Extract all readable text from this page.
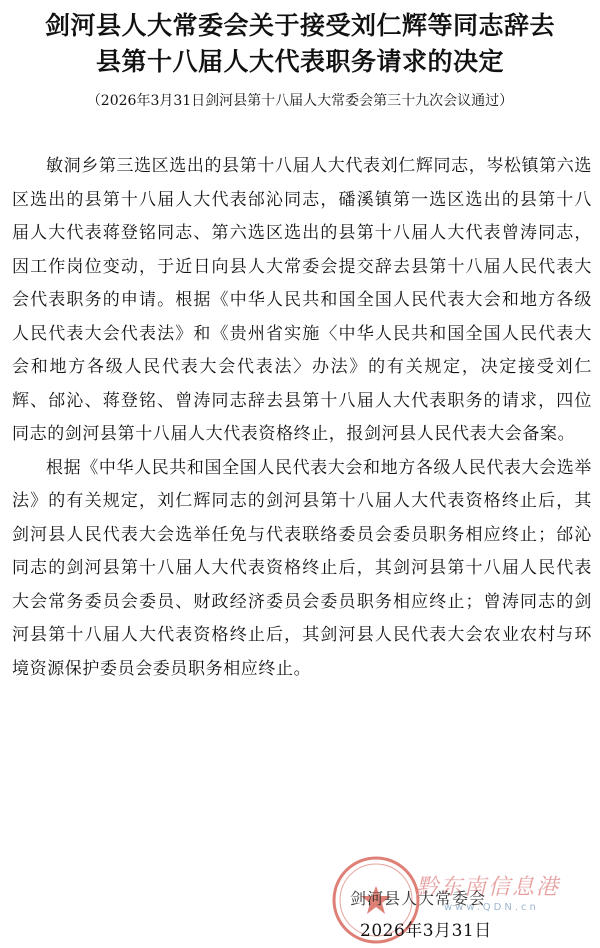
剑河县人大常委会关于接受刘仁辉等同志辞去
县第十八届人大代表职务请求的决定
（2026年3月31日剑河县第十八届人大常委会第三十九次会议通过）

敏洞乡第三选区选出的县第十八届人大代表刘仁辉同志，岑松镇第六选区选出的县第十八届人大代表邰沁同志，磻溪镇第一选区选出的县第十八届人大代表蒋登铭同志、第六选区选出的县第十八届人大代表曾涛同志，因工作岗位变动，于近日向县人大常委会提交辞去县第十八届人民代表大会代表职务的申请。根据《中华人民共和国全国人民代表大会和地方各级人民代表大会代表法》和《贵州省实施〈中华人民共和国全国人民代表大会和地方各级人民代表大会代表法〉办法》的有关规定，决定接受刘仁辉、邰沁、蒋登铭、曾涛同志辞去县第十八届人大代表职务的请求，四位同志的剑河县第十八届人大代表资格终止，报剑河县人民代表大会备案。

根据《中华人民共和国全国人民代表大会和地方各级人民代表大会选举法》的有关规定，刘仁辉同志的剑河县第十八届人大代表资格终止后，其剑河县人民代表大会选举任免与代表联络委员会委员职务相应终止；邰沁同志的剑河县第十八届人大代表资格终止后，其剑河县第十八届人民代表大会常务委员会委员、财政经济委员会委员职务相应终止；曾涛同志的剑河县第十八届人大代表资格终止后，其剑河县人民代表大会农业农村与环境资源保护委员会委员职务相应终止。

黔东南信息港
www.QDN.cn
剑河县人大常委会
2026年3月31日
